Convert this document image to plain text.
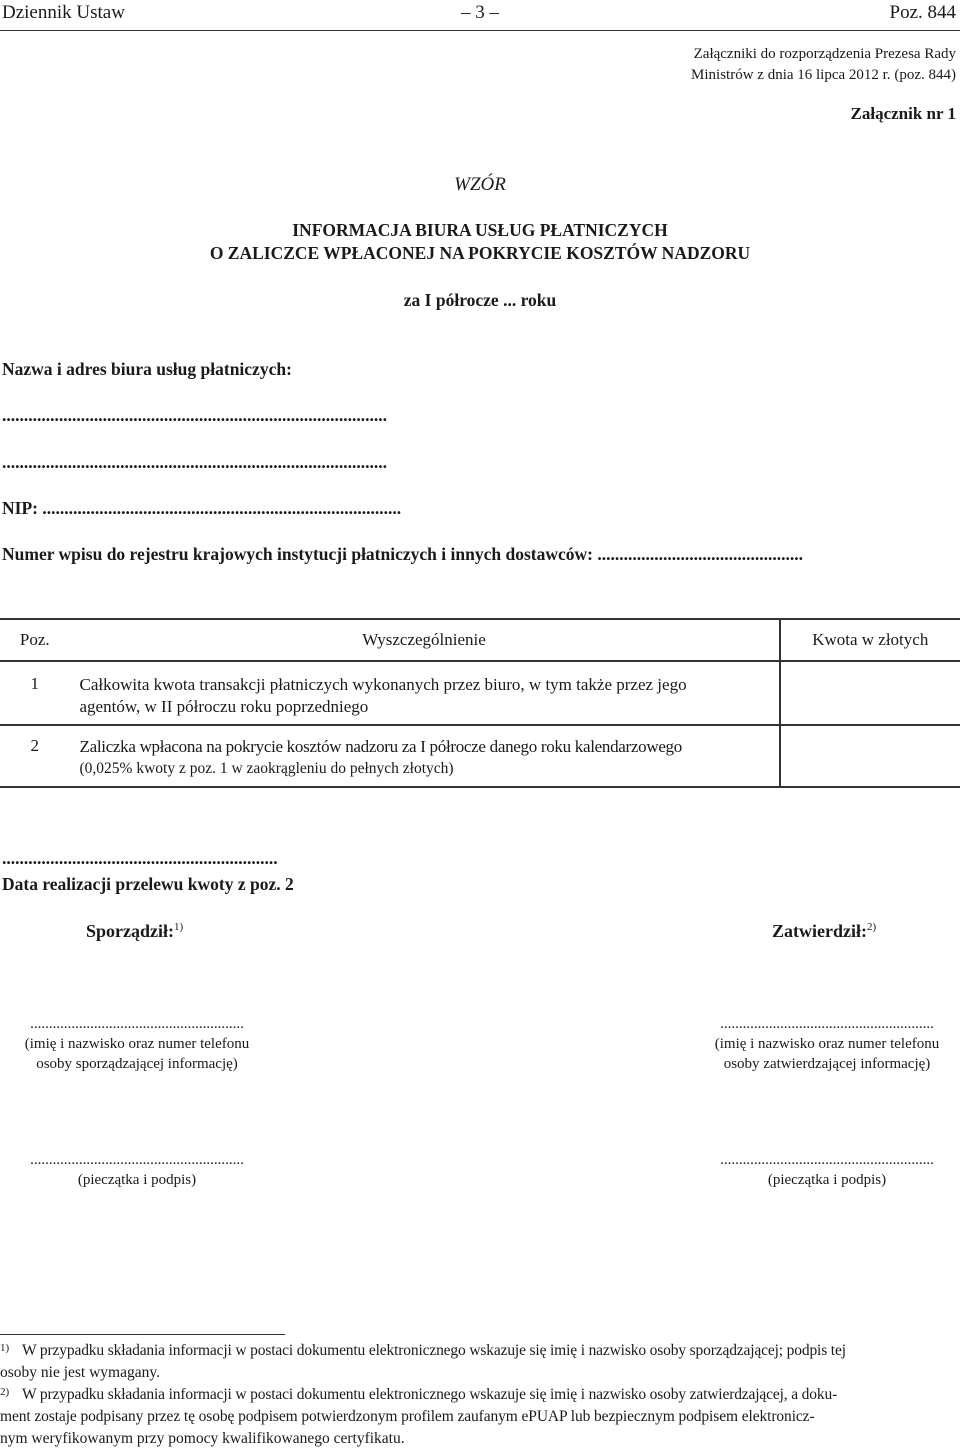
Dziennik Ustaw	– 3 –	Poz. 844
Załączniki do rozporządzenia Prezesa Rady
Ministrów z dnia 16 lipca 2012 r. (poz. 844)
Załącznik nr 1
WZÓR
INFORMACJA BIURA USŁUG PŁATNICZYCH
O ZALICZCE WPŁACONEJ NA POKRYCIE KOSZTÓW NADZORU
za I półrocze ... roku
Nazwa i adres biura usług płatniczych:
........................................................................................
........................................................................................
NIP: ..................................................................................
Numer wpisu do rejestru krajowych instytucji płatniczych i innych dostawców: ...............................................
Poz.	Wyszczególnienie	Kwota w złotych
1	Całkowita kwota transakcji płatniczych wykonanych przez biuro, w tym także przez jego
agentów, w II półroczu roku poprzedniego	

2	Zaliczka wpłacona na pokrycie kosztów nadzoru za I półrocze danego roku kalendarzowego
(0,025% kwoty z poz. 1 w zaokrągleniu do pełnych złotych)	

...............................................................
Data realizacji przelewu kwoty z poz. 2
Sporządził:$^{1)}$	Zatwierdził:$^{2)}$
.........................................................
(imię i nazwisko oraz numer telefonu
osoby sporządzającej informację)
.........................................................
(imię i nazwisko oraz numer telefonu
osoby zatwierdzającej informację)
.........................................................
(pieczątka i podpis)
.........................................................
(pieczątka i podpis)
1) W przypadku składania informacji w postaci dokumentu elektronicznego wskazuje się imię i nazwisko osoby sporządzającej; podpis tej
osoby nie jest wymagany.
2) W przypadku składania informacji w postaci dokumentu elektronicznego wskazuje się imię i nazwisko osoby zatwierdzającej, a doku-
ment zostaje podpisany przez tę osobę podpisem potwierdzonym profilem zaufanym ePUAP lub bezpiecznym podpisem elektronicz-
nym weryfikowanym przy pomocy kwalifikowanego certyfikatu.
